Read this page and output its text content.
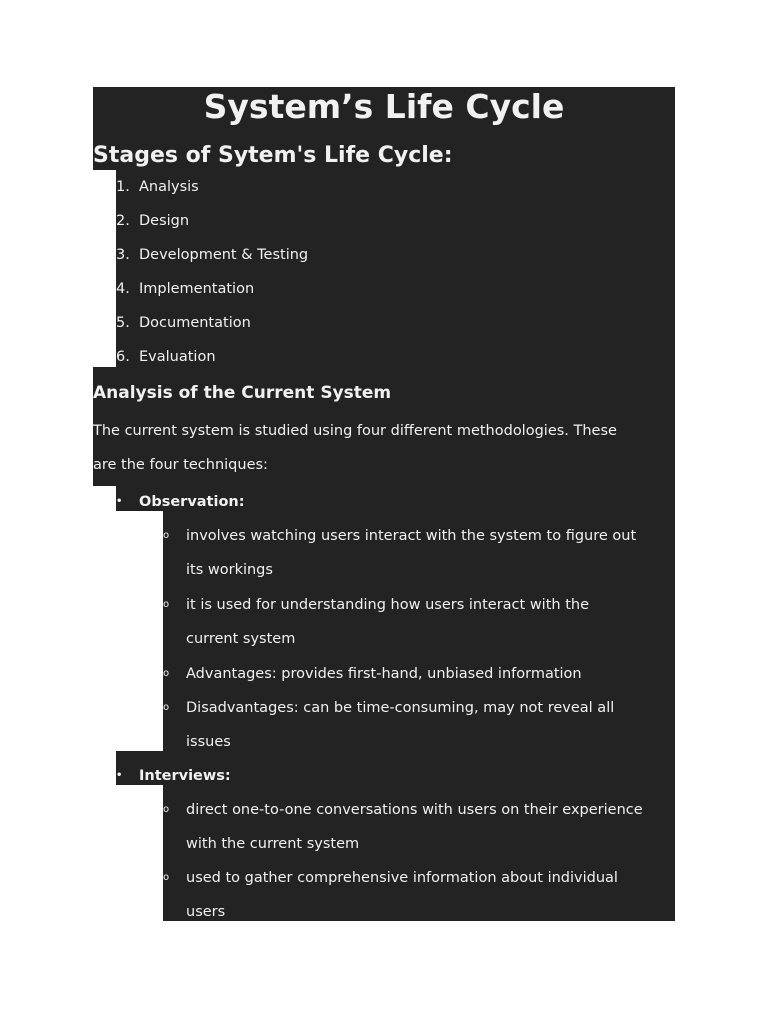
System’s Life Cycle
Stages of Sytem's Life Cycle:
1. Analysis
2. Design
3. Development & Testing
4. Implementation
5. Documentation
6. Evaluation
Analysis of the Current System
The current system is studied using four different methodologies. These
are the four techniques:
• Observation:
o involves watching users interact with the system to figure out
its workings
o it is used for understanding how users interact with the
current system
o Advantages: provides first-hand, unbiased information
o Disadvantages: can be time-consuming, may not reveal all
issues
• Interviews:
o direct one-to-one conversations with users on their experience
with the current system
o used to gather comprehensive information about individual
users
